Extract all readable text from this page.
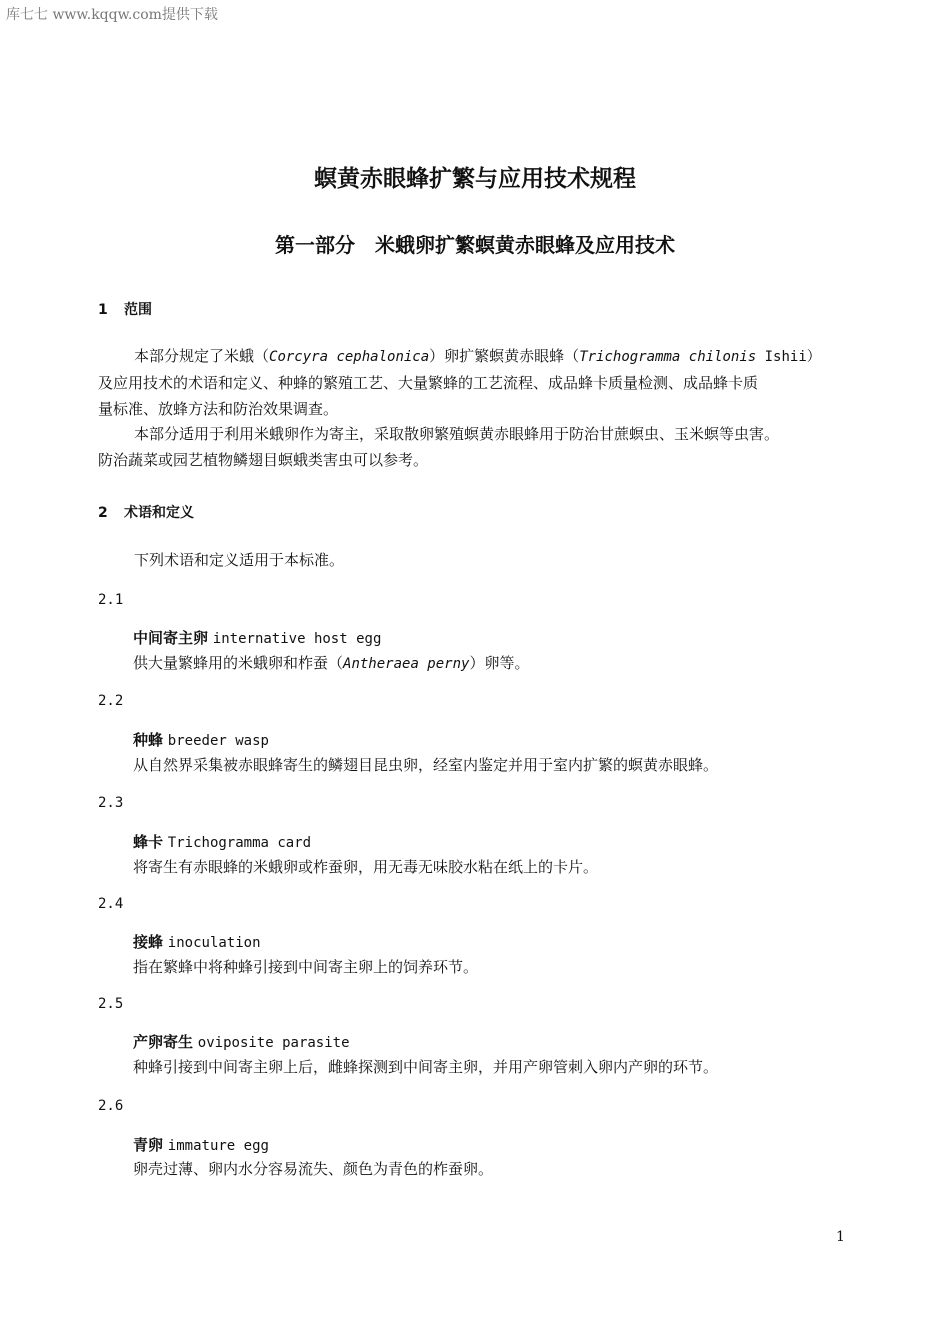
库七七 www.kqqw.com提供下载
螟黄赤眼蜂扩繁与应用技术规程
第一部分　米蛾卵扩繁螟黄赤眼蜂及应用技术
1 范围
本部分规定了米蛾（Corcyra cephalonica）卵扩繁螟黄赤眼蜂（Trichogramma chilonis Ishii）
及应用技术的术语和定义、种蜂的繁殖工艺、大量繁蜂的工艺流程、成品蜂卡质量检测、成品蜂卡质
量标准、放蜂方法和防治效果调查。
本部分适用于利用米蛾卵作为寄主，采取散卵繁殖螟黄赤眼蜂用于防治甘蔗螟虫、玉米螟等虫害。
防治蔬菜或园艺植物鳞翅目螟蛾类害虫可以参考。
2 术语和定义
下列术语和定义适用于本标准。
2.1
中间寄主卵 internative host egg
供大量繁蜂用的米蛾卵和柞蚕（Antheraea perny）卵等。
2.2
种蜂 breeder wasp
从自然界采集被赤眼蜂寄生的鳞翅目昆虫卵，经室内鉴定并用于室内扩繁的螟黄赤眼蜂。
2.3
蜂卡 Trichogramma card
将寄生有赤眼蜂的米蛾卵或柞蚕卵，用无毒无味胶水粘在纸上的卡片。
2.4
接蜂 inoculation
指在繁蜂中将种蜂引接到中间寄主卵上的饲养环节。
2.5
产卵寄生 oviposite parasite
种蜂引接到中间寄主卵上后，雌蜂探测到中间寄主卵，并用产卵管刺入卵内产卵的环节。
2.6
青卵 immature egg
卵壳过薄、卵内水分容易流失、颜色为青色的柞蚕卵。
1
